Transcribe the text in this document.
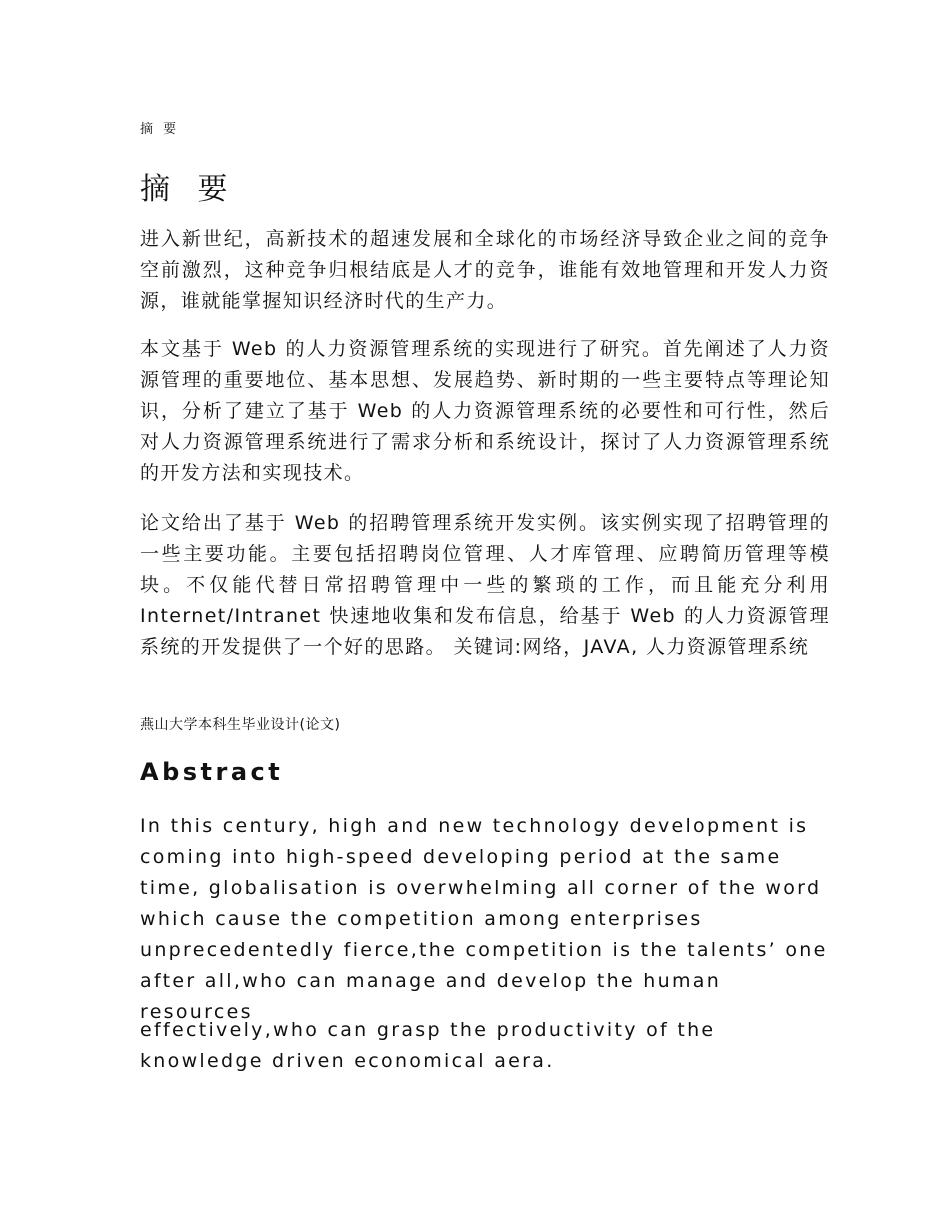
摘 要
摘 要

进入新世纪，高新技术的超速发展和全球化的市场经济导致企业之间的竞争空前激烈，这种竞争归根结底是人才的竞争，谁能有效地管理和开发人力资源，谁就能掌握知识经济时代的生产力。

本文基于 Web 的人力资源管理系统的实现进行了研究。首先阐述了人力资源管理的重要地位、基本思想、发展趋势、新时期的一些主要特点等理论知识，分析了建立了基于 Web 的人力资源管理系统的必要性和可行性，然后对人力资源管理系统进行了需求分析和系统设计，探讨了人力资源管理系统的开发方法和实现技术。

论文给出了基于 Web 的招聘管理系统开发实例。该实例实现了招聘管理的一些主要功能。主要包括招聘岗位管理、人才库管理、应聘简历管理等模块。不仅能代替日常招聘管理中一些的繁琐的工作，而且能充分利用 Internet/Intranet 快速地收集和发布信息，给基于 Web 的人力资源管理系统的开发提供了一个好的思路。 关键词:网络，JAVA, 人力资源管理系统

燕山大学本科生毕业设计(论文)
Abstract

In this century, high and new technology development is coming into high-speed developing period at the same time, globalisation is overwhelming all corner of the word which cause the competition among enterprises unprecedentedly fierce,the competition is the talents’ one after all,who can manage and develop the human resources

effectively,who can grasp the productivity of the knowledge driven economical aera.
